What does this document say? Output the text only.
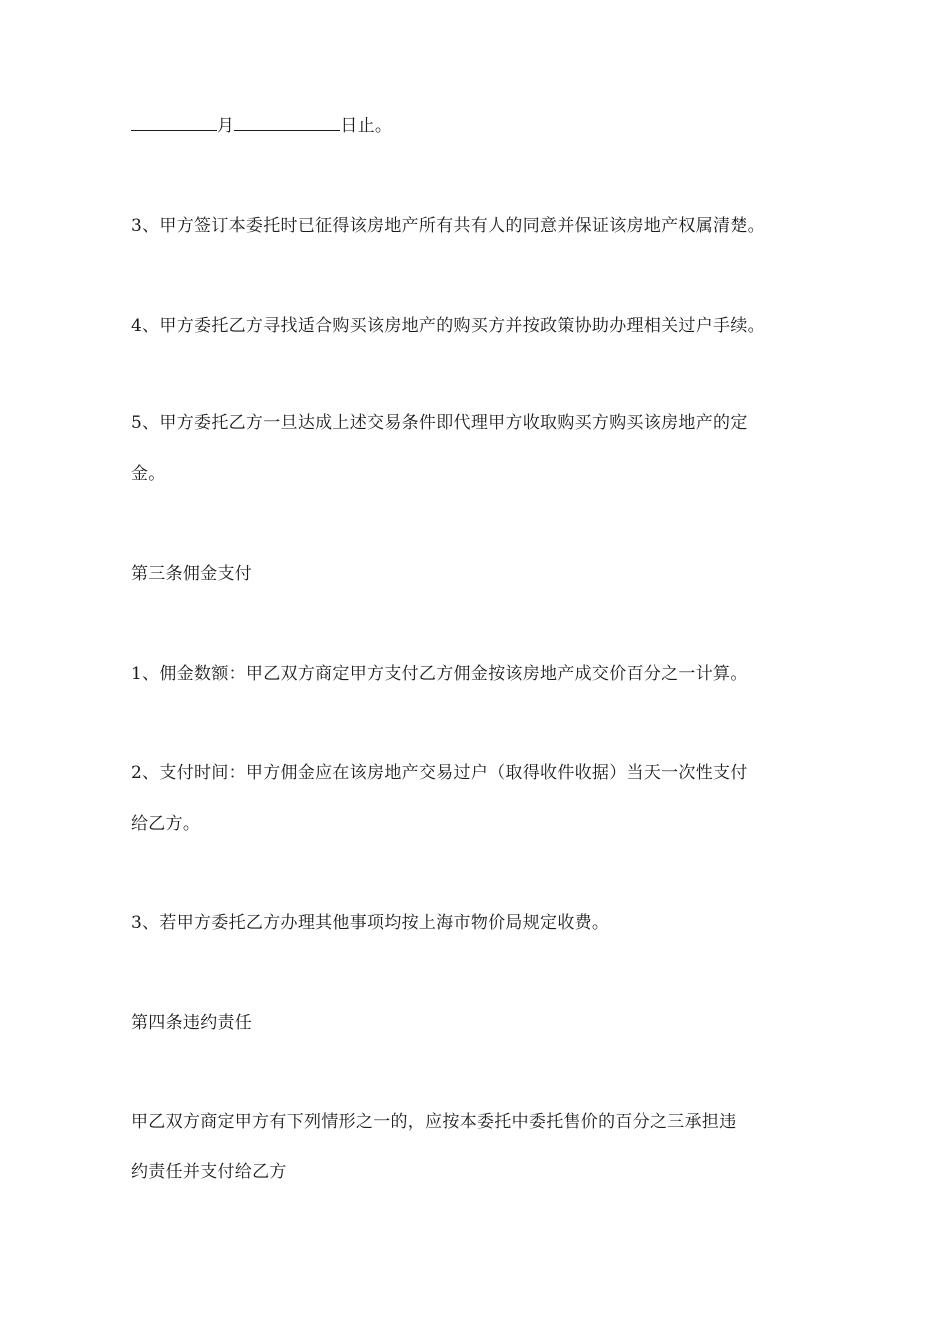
月	日止。
3、甲方签订本委托时已征得该房地产所有共有人的同意并保证该房地产权属清楚。
4、甲方委托乙方寻找适合购买该房地产的购买方并按政策协助办理相关过户手续。
5、甲方委托乙方一旦达成上述交易条件即代理甲方收取购买方购买该房地产的定
金。
第三条佣金支付
1、佣金数额：甲乙双方商定甲方支付乙方佣金按该房地产成交价百分之一计算。
2、支付时间：甲方佣金应在该房地产交易过户（取得收件收据）当天一次性支付
给乙方。
3、若甲方委托乙方办理其他事项均按上海市物价局规定收费。
第四条违约责任
甲乙双方商定甲方有下列情形之一的，应按本委托中委托售价的百分之三承担违
约责任并支付给乙方
